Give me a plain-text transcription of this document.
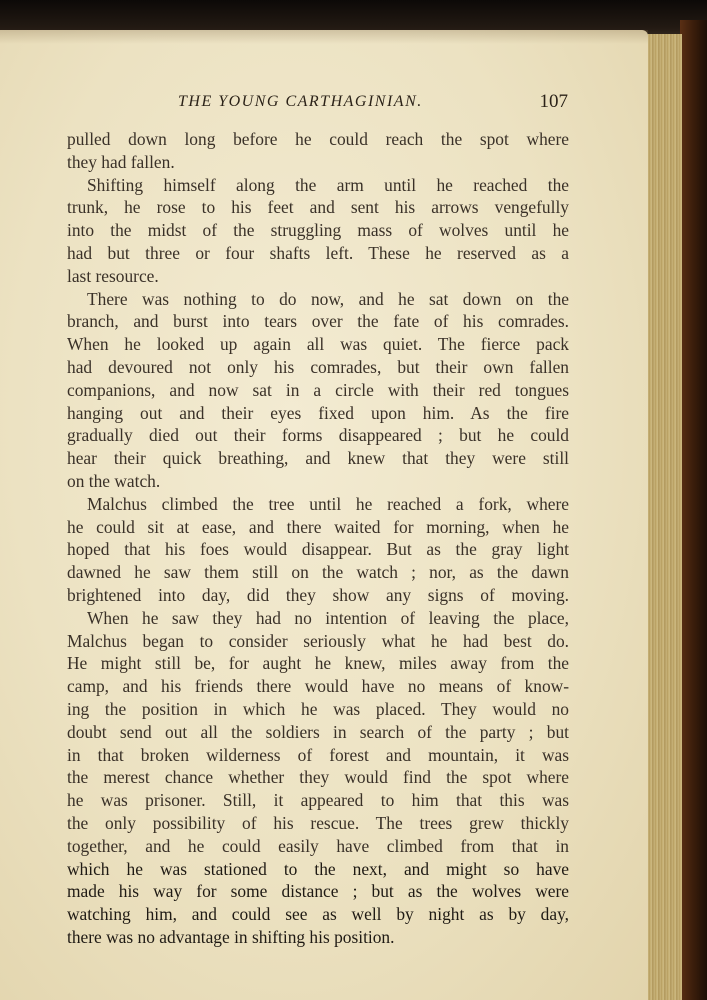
THE YOUNG CARTHAGINIAN.	107
pulled down long before he could reach the spot where
they had fallen.
Shifting himself along the arm until he reached the
trunk, he rose to his feet and sent his arrows vengefully
into the midst of the struggling mass of wolves until he
had but three or four shafts left. These he reserved as a
last resource.
There was nothing to do now, and he sat down on the
branch, and burst into tears over the fate of his comrades.
When he looked up again all was quiet. The fierce pack
had devoured not only his comrades, but their own fallen
companions, and now sat in a circle with their red tongues
hanging out and their eyes fixed upon him. As the fire
gradually died out their forms disappeared ; but he could
hear their quick breathing, and knew that they were still
on the watch.
Malchus climbed the tree until he reached a fork, where
he could sit at ease, and there waited for morning, when he
hoped that his foes would disappear. But as the gray light
dawned he saw them still on the watch ; nor, as the dawn
brightened into day, did they show any signs of moving.
When he saw they had no intention of leaving the place,
Malchus began to consider seriously what he had best do.
He might still be, for aught he knew, miles away from the
camp, and his friends there would have no means of know-
ing the position in which he was placed. They would no
doubt send out all the soldiers in search of the party ; but
in that broken wilderness of forest and mountain, it was
the merest chance whether they would find the spot where
he was prisoner. Still, it appeared to him that this was
the only possibility of his rescue. The trees grew thickly
together, and he could easily have climbed from that in
which he was stationed to the next, and might so have
made his way for some distance ; but as the wolves were
watching him, and could see as well by night as by day,
there was no advantage in shifting his position.
